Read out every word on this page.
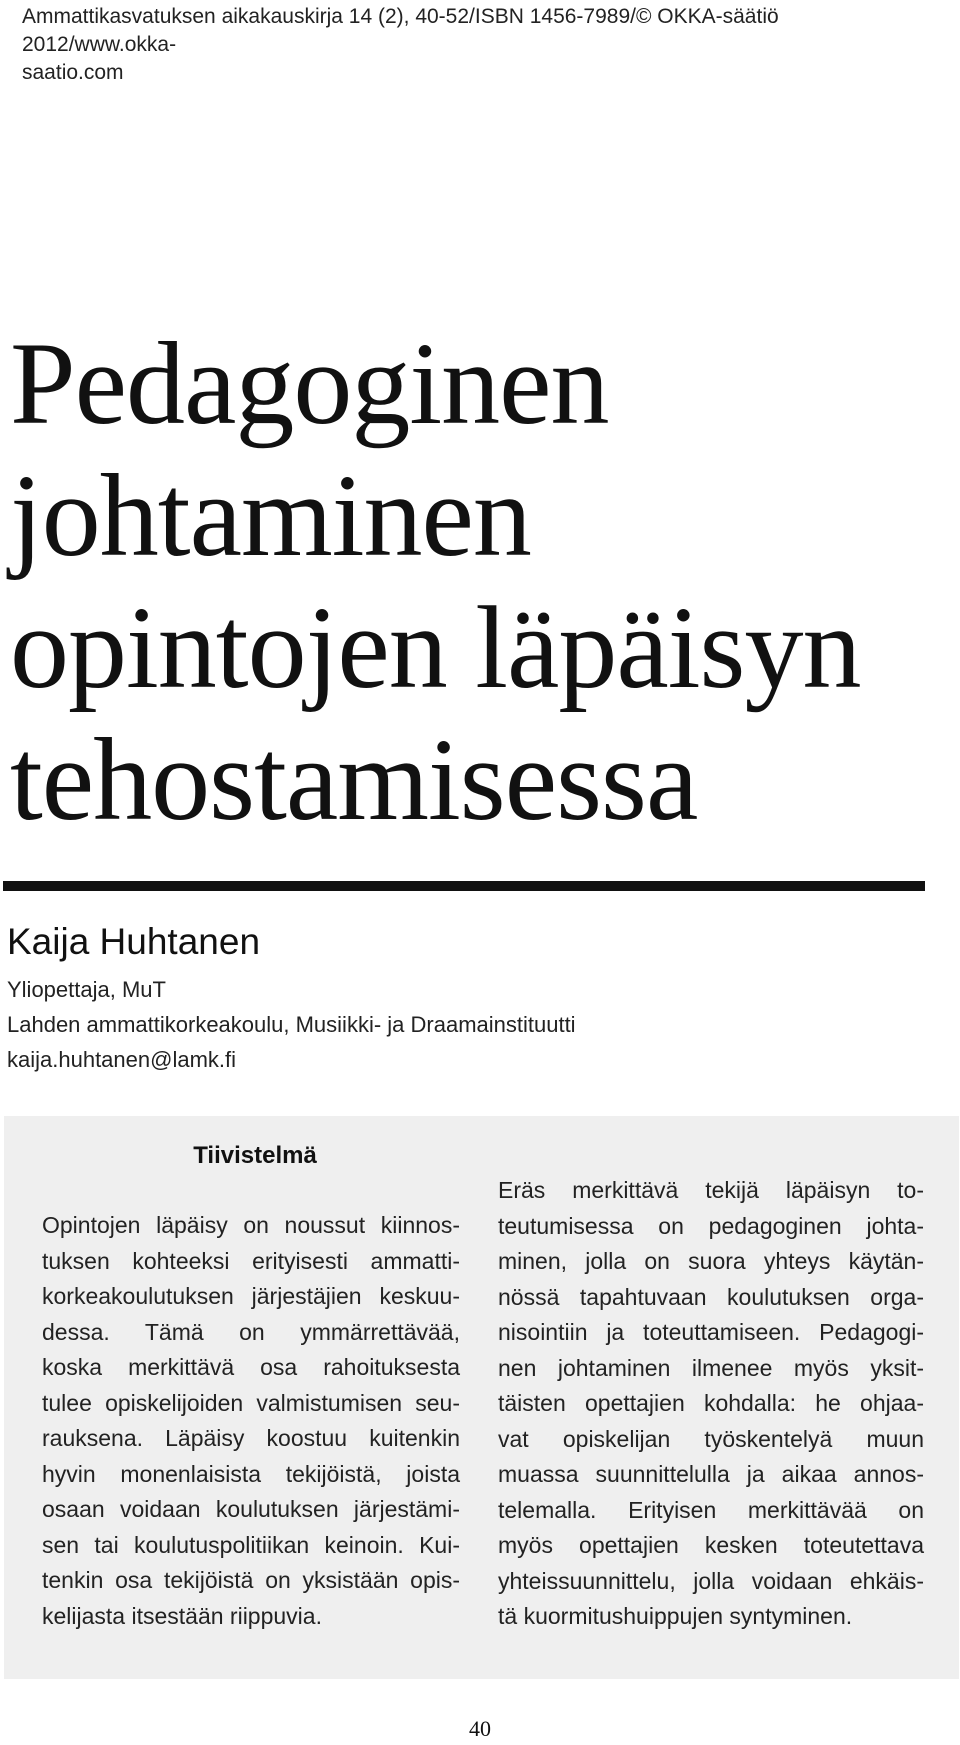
Ammattikasvatuksen aikakauskirja 14 (2), 40-52/ISBN 1456-7989/© OKKA-säätiö 2012/www.okka-
saatio.com

Pedagoginen
johtaminen
opintojen läpäisyn
tehostamisessa
Kaija Huhtanen
Yliopettaja, MuT
Lahden ammattikorkeakoulu, Musiikki- ja Draamainstituutti
kaija.huhtanen@lamk.fi
Tiivistelmä

Opintojen läpäisy on noussut kiinnos-
tuksen kohteeksi erityisesti ammatti-
korkeakoulutuksen järjestäjien keskuu-
dessa. Tämä on ymmärrettävää,
koska merkittävä osa rahoituksesta
tulee opiskelijoiden valmistumisen seu-
rauksena. Läpäisy koostuu kuitenkin
hyvin monenlaisista tekijöistä, joista
osaan voidaan koulutuksen järjestämi-
sen tai koulutuspolitiikan keinoin. Kui-
tenkin osa tekijöistä on yksistään opis-
kelijasta itsestään riippuvia.

Eräs merkittävä tekijä läpäisyn to-
teutumisessa on pedagoginen johta-
minen, jolla on suora yhteys käytän-
nössä tapahtuvaan koulutuksen orga-
nisointiin ja toteuttamiseen. Pedagogi-
nen johtaminen ilmenee myös yksit-
täisten opettajien kohdalla: he ohjaa-
vat opiskelijan työskentelyä muun
muassa suunnittelulla ja aikaa annos-
telemalla. Erityisen merkittävää on
myös opettajien kesken toteutettava
yhteissuunnittelu, jolla voidaan ehkäis-
tä kuormitushuippujen syntyminen.

40
